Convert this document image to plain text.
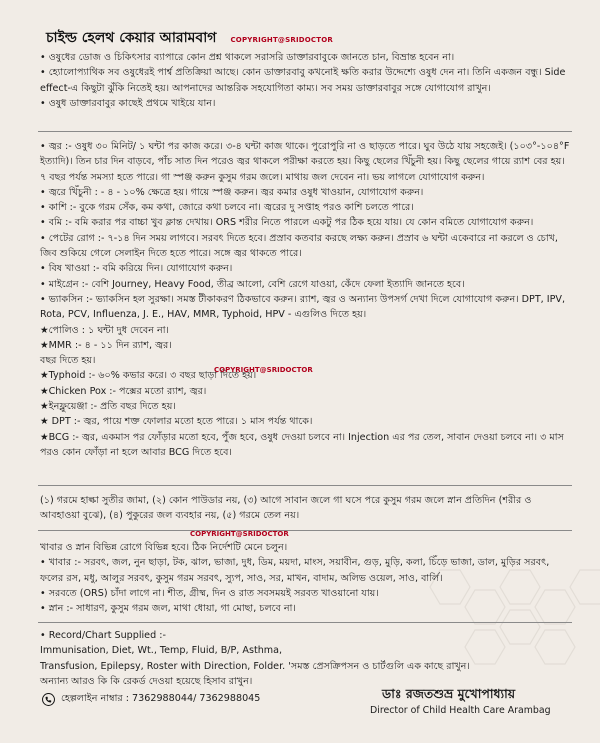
চাইল্ড হেলথ কেয়ার আরামবাগ COPYRIGHT@SRIDOCTOR

• ওষুধের ডোজ ও চিকিৎসার ব্যাপারে কোন প্রশ্ন থাকলে সরাসরি ডাক্তারবাবুকে জানতে চান, বিভ্রান্ত হবেন না।

• হ্যোলোপ্যাথিক সব ওষুধেরই পার্শ্ব প্রতিক্রিয়া আছে। কোন ডাক্তারবাবু কখনোই ক্ষতি করার উদ্দেশ্যে ওষুধ দেন না। তিনি একজন বন্ধু। Side effect-এ কিছুটা ঝুঁকি নিতেই হয়। আপনাদের আন্তরিক সহযোগিতা কাম্য। সব সময় ডাক্তারবাবুর সঙ্গে যোগাযোগ রাখুন।

• ওষুধ ডাক্তারবাবুর কাছেই প্রথমে খাইয়ে যান।

• জ্বর :- ওষুধ ৩০ মিনিট/ ১ ঘন্টা পর কাজ করে। ৩-৪ ঘন্টা কাজ থাকে। পুরোপুরি না ও ছাড়তে পারে। ঘুব উঠে যায় সহজেই। (১০৩°-১০৪°F ইত্যাদি)। তিন চার দিন বাড়বে, পাঁচ সাত দিন পরেও জ্বর থাকলে পরীক্ষা করতে হয়। কিছু ছেলের খিঁচুনী হয়। কিছু ছেলের গায়ে র‍্যাশ বের হয়। ৭ বছর পর্যন্ত সমস্যা হতে পারে। গা স্পঞ্জ করুন কুসুম গরম জলে। মাথায় জল দেবেন না। ভয় লাগলে যোগাযোগ করুন।

• জ্বরে খিঁচুনী : - ৪ - ১০% ক্ষেত্রে হয়। গায়ে স্পঞ্জ করুন। জ্বর কমার ওষুধ খাওয়ান, যোগাযোগ করুন।

• কাশি :- বুকে গরম সেঁক, কম কথা, জোরে কথা চলবে না। জ্বরের দু সপ্তাহ পরও কাশি চলতে পারে।

• বমি :- বমি করার পর বাচ্চা খুব ক্লান্ত দেখায়। ORS শরীর নিতে পারলে একটু পর ঠিক হয়ে যায়। যে কোন বমিতে যোগাযোগ করুন।

• পেটের রোগ :- ৭-১৪ দিন সময় লাগবে। সরবৎ দিতে হবে। প্রস্রাব কতবার করছে লক্ষ্য করুন। প্রস্রাব ৬ ঘন্টা একেবারে না করলে ও চোখ, জিব শুকিয়ে গেলে সেলাইন দিতে হতে পারে। সঙ্গে জ্বর থাকতে পারে।

• বিষ খাওয়া :- বমি করিয়ে দিন। যোগাযোগ করুন।

• মাইগ্রেন :- বেশি Journey, Heavy Food, তীব্র আলো, বেশি রেগে যাওয়া, কেঁদে ফেলা ইত্যাদি জানতে হবে।

• ভ্যাকসিন :- ভ্যাকসিন হল সুরক্ষা। সমস্ত টীকাকরণ ঠিকভাবে করুন। র‍্যাশ, জ্বর ও অন্যান্য উপসর্গ দেখা দিলে যোগাযোগ করুন। DPT, IPV, Rota, PCV, Influenza, J. E., HAV, MMR, Typhoid, HPV - এগুলিও দিতে হয়।

★পোলিও : ১ ঘন্টা দুধ দেবেন না।

★MMR :- ৪ - ১১ দিন র‍্যাশ, জ্বর।

বছর দিতে হয়।

★Typhoid :- ৬০% কভার করে। ৩ বছর ছাড়া দিতে হয়।

★Chicken Pox :- পক্সের মতো র‍্যাশ, জ্বর।

★ইনফ্লুয়েঞ্জা :- প্রতি বছর দিতে হয়।

★ DPT :- জ্বর, পায়ে শক্ত ফোলার মতো হতে পারে। ১ মাস পর্যন্ত থাকে।

★BCG :- জ্বর, একমাস পর ফোঁড়ার মতো হবে, পুঁজ হবে, ওষুধ দেওয়া চলবে না। Injection এর পর তেল, সাবান দেওয়া চলবে না। ৩ মাস পরও কোন ফোঁড়া না হলে আবার BCG দিতে হবে।

COPYRIGHT@SRIDOCTOR

(১) গরমে হাল্কা সুতীর জামা, (২) কোন পাউডার নয়, (৩) আগে সাবান জলে গা ঘসে পরে কুসুম গরম জলে স্নান প্রতিদিন (শরীর ও আবহাওয়া বুঝে), (৪) পুকুরের জল ব্যবহার নয়, (৫) গরমে তেল নয়।

COPYRIGHT@SRIDOCTOR

খাবার ও স্নান বিভিন্ন রোগে বিভিন্ন হবে। ঠিক নির্দেশটি মেনে চলুন।

• খাবার :- সরবৎ, জল, নুন ছাড়া, টক, ঝাল, ভাজা, দুধ, ডিম, ময়দা, মাংস, সয়াবীন, গুড়, মুড়ি, কলা, চিঁড়ে ভাজা, ডাল, মুড়ির সরবৎ, ফলের রস, মধু, আলুর সরবৎ, কুসুম গরম সরবৎ, স্যুপ, সাও, সর, মাখন, বাদাম, অলিভ ওয়েল, সাও, বার্লি।

• সরবতে (ORS) চাঁদা লাগে না। শীত, গ্রীষ্ম, দিন ও রাত সবসময়ই সরবত খাওয়ানো যায়।

• স্নান :- সাধারণ, কুসুম গরম জল, মাথা ধোয়া, গা মোছা, চলবে না।

• Record/Chart Supplied :-

Immunisation, Diet, Wt., Temp, Fluid, B/P, Asthma,

Transfusion, Epilepsy, Roster with Direction, Folder. 'সমস্ত প্রেসক্রিপসন ও চার্টগুলি এক কাছে রাখুন।

অন্যান্য আরও কি কি রেকর্ড দেওয়া হয়েছে হিসাব রাখুন।

হেল্পলাইন নাম্বার : 7362988044/ 7362988045	ডাঃ রজতশুভ্র মুখোপাধ্যায়
Director of Child Health Care Arambag
